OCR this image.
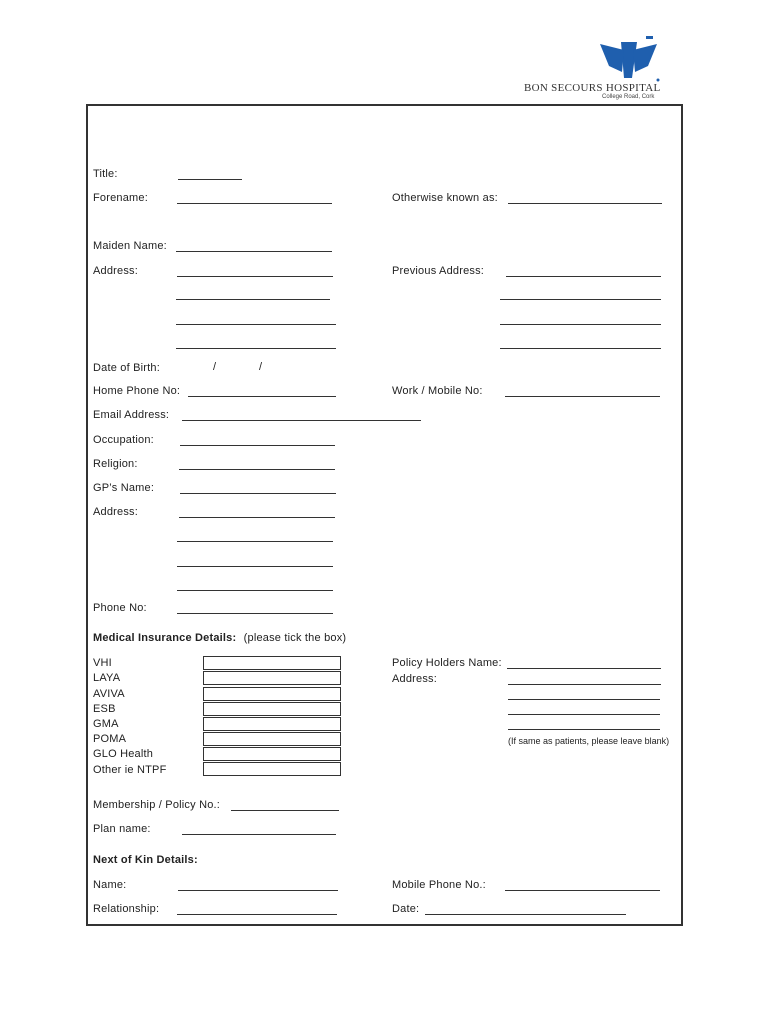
BON SECOURS HOSPITAL
College Road, Cork
Title:
Forename:	Otherwise known as:
Maiden Name:
Address:	Previous Address:
Date of Birth:	/	/
Home Phone No:	Work / Mobile No:
Email Address:
Occupation:
Religion:
GP’s Name:
Address:
Phone No:
Medical Insurance Details: (please tick the box)
VHI
LAYA
AVIVA
ESB
GMA
POMA
GLO Health
Other ie NTPF
Policy Holders Name:
Address:
(If same as patients, please leave blank)
Membership / Policy No.:
Plan name:
Next of Kin Details:
Name:	Mobile Phone No.:
Relationship:	Date:
